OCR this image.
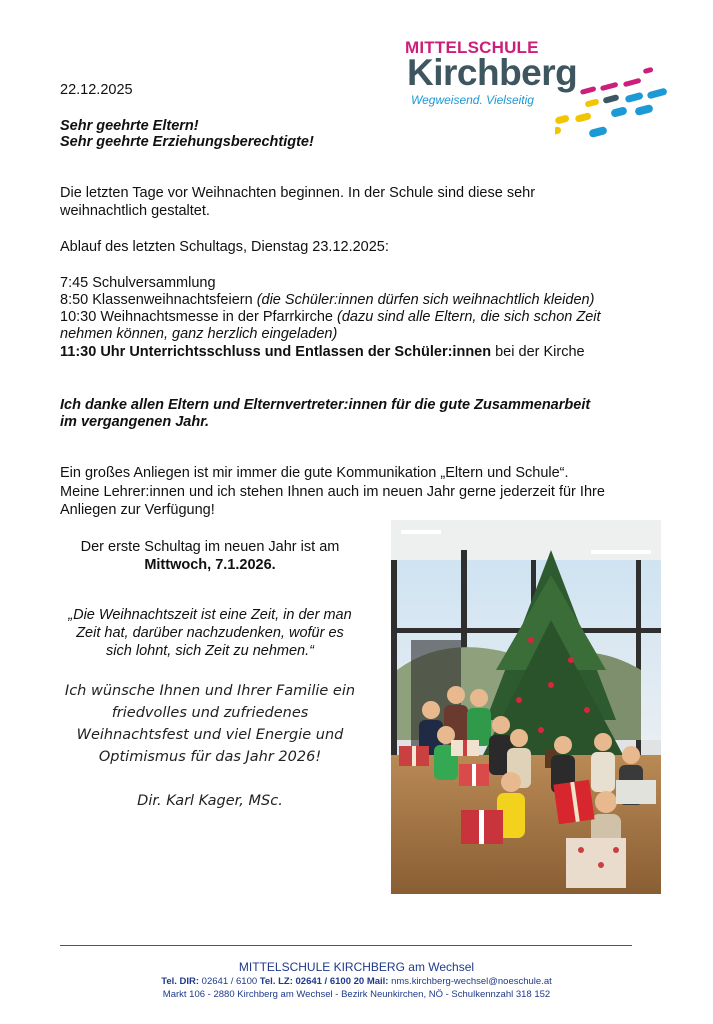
MITTELSCHULE
Kirchberg
Wegweisend. Vielseitig
22.12.2025
Sehr geehrte Eltern!
Sehr geehrte Erziehungsberechtigte!
Die letzten Tage vor Weihnachten beginnen. In der Schule sind diese sehr
weihnachtlich gestaltet.
Ablauf des letzten Schultags, Dienstag 23.12.2025:
7:45 Schulversammlung
8:50 Klassenweihnachtsfeiern (die Schüler:innen dürfen sich weihnachtlich kleiden)
10:30 Weihnachtsmesse in der Pfarrkirche (dazu sind alle Eltern, die sich schon Zeit
nehmen können, ganz herzlich eingeladen)
11:30 Uhr Unterrichtsschluss und Entlassen der Schüler:innen bei der Kirche
Ich danke allen Eltern und Elternvertreter:innen für die gute Zusammenarbeit
im vergangenen Jahr.
Ein großes Anliegen ist mir immer die gute Kommunikation „Eltern und Schule“.
Meine Lehrer:innen und ich stehen Ihnen auch im neuen Jahr gerne jederzeit für Ihre
Anliegen zur Verfügung!
Der erste Schultag im neuen Jahr ist am
Mittwoch, 7.1.2026.
„Die Weihnachtszeit ist eine Zeit, in der man
Zeit hat, darüber nachzudenken, wofür es
sich lohnt, sich Zeit zu nehmen.“
Ich wünsche Ihnen und Ihrer Familie ein
friedvolles und zufriedenes
Weihnachtsfest und viel Energie und
Optimismus für das Jahr 2026!
Dir. Karl Kager, MSc.
MITTELSCHULE KIRCHBERG am Wechsel
Tel. DIR: 02641 / 6100 Tel. LZ: 02641 / 6100 20 Mail: nms.kirchberg-wechsel@noeschule.at
Markt 106 - 2880 Kirchberg am Wechsel - Bezirk Neunkirchen, NÖ - Schulkennzahl 318 152
